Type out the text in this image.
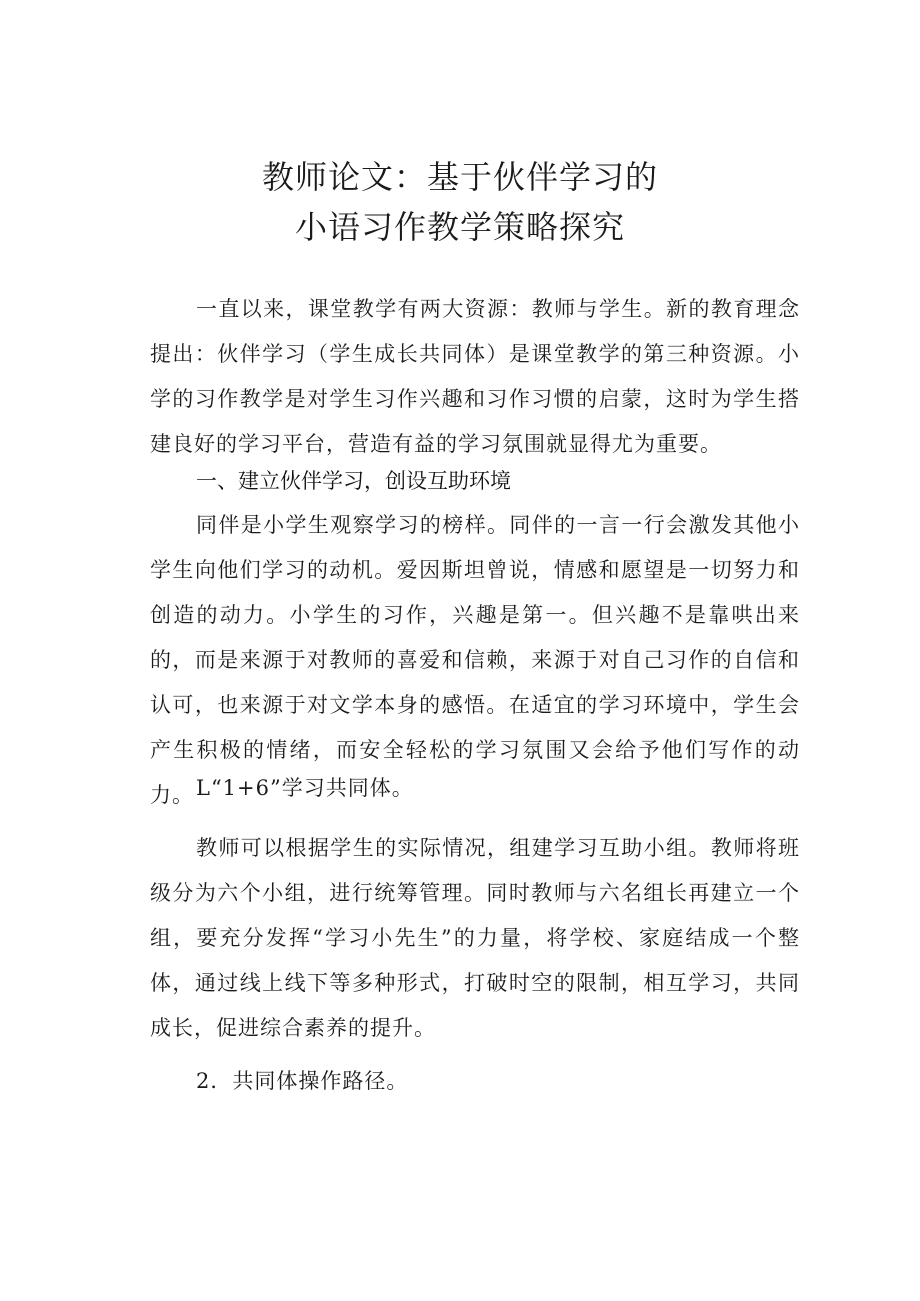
教师论文：基于伙伴学习的
小语习作教学策略探究

一直以来，课堂教学有两大资源：教师与学生。新的教育理念提出：伙伴学习（学生成长共同体）是课堂教学的第三种资源。小学的习作教学是对学生习作兴趣和习作习惯的启蒙，这时为学生搭建良好的学习平台，营造有益的学习氛围就显得尤为重要。

一、建立伙伴学习，创设互助环境

同伴是小学生观察学习的榜样。同伴的一言一行会激发其他小学生向他们学习的动机。爱因斯坦曾说，情感和愿望是一切努力和创造的动力。小学生的习作，兴趣是第一。但兴趣不是靠哄出来的，而是来源于对教师的喜爱和信赖，来源于对自己习作的自信和认可，也来源于对文学本身的感悟。在适宜的学习环境中，学生会产生积极的情绪，而安全轻松的学习氛围又会给予他们写作的动力。 L“1+6”学习共同体。

教师可以根据学生的实际情况，组建学习互助小组。教师将班级分为六个小组，进行统筹管理。同时教师与六名组长再建立一个组，要充分发挥“学习小先生”的力量，将学校、家庭结成一个整体，通过线上线下等多种形式，打破时空的限制，相互学习，共同成长，促进综合素养的提升。

2．共同体操作路径。
